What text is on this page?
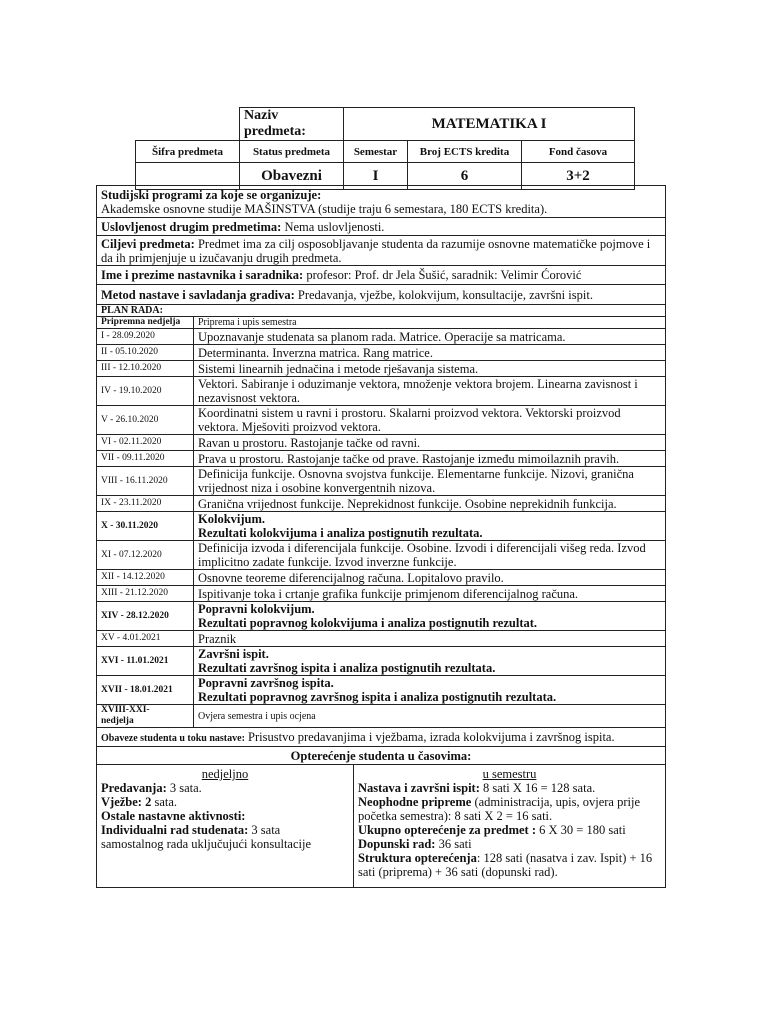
	Naziv predmeta:	MATEMATIKA I		
Šifra predmeta	Status predmeta	Semestar	Broj ECTS kredita	Fond časova
	Obavezni	I	6	3+2
Studijski programi za koje se organizuje:
Akademske osnovne studije MAŠINSTVA (studije traju 6 semestara, 180 ECTS kredita).
Uslovljenost drugim predmetima: Nema uslovljenosti.
Ciljevi predmeta: Predmet ima za cilj osposobljavanje studenta da razumije osnovne matematičke pojmove i da ih primjenjuje u izučavanju drugih predmeta.
Ime i prezime nastavnika i saradnika: profesor: Prof. dr Jela Šušić, saradnik: Velimir Ćorović
Metod nastave i savladanja gradiva: Predavanja, vježbe, kolokvijum, konsultacije, završni ispit.
PLAN RADA:
Pripremna nedjelja	Priprema i upis semestra
I - 28.09.2020	Upoznavanje studenata sa planom rada. Matrice. Operacije sa matricama.
II - 05.10.2020	Determinanta. Inverzna matrica. Rang matrice.
III - 12.10.2020	Sistemi linearnih jednačina i metode rješavanja sistema.
IV - 19.10.2020	Vektori. Sabiranje i oduzimanje vektora, množenje vektora brojem. Linearna zavisnost i
nezavisnost vektora.
V - 26.10.2020	Koordinatni sistem u ravni i prostoru. Skalarni proizvod vektora. Vektorski proizvod
vektora. Mješoviti proizvod vektora.
VI - 02.11.2020	Ravan u prostoru. Rastojanje tačke od ravni.
VII - 09.11.2020	Prava u prostoru. Rastojanje tačke od prave. Rastojanje između mimoilaznih pravih.
VIII - 16.11.2020	Definicija funkcije. Osnovna svojstva funkcije. Elementarne funkcije. Nizovi, granična
vrijednost niza i osobine konvergentnih nizova.
IX - 23.11.2020	Granična vrijednost funkcije. Neprekidnost funkcije. Osobine neprekidnih funkcija.
X - 30.11.2020	Kolokvijum.
Rezultati kolokvijuma i analiza postignutih rezultata.
XI - 07.12.2020	Definicija izvoda i diferencijala funkcije. Osobine. Izvodi i diferencijali višeg reda. Izvod
implicitno zadate funkcije. Izvod inverzne funkcije.
XII - 14.12.2020	Osnovne teoreme diferencijalnog računa. Lopitalovo pravilo.
XIII - 21.12.2020	Ispitivanje toka i crtanje grafika funkcije primjenom diferencijalnog računa.
XIV - 28.12.2020	Popravni kolokvijum.
Rezultati popravnog kolokvijuma i analiza postignutih rezultat.
XV - 4.01.2021	Praznik
XVI - 11.01.2021	Završni ispit.
Rezultati završnog ispita i analiza postignutih rezultata.
XVII - 18.01.2021	Popravni završnog ispita.
Rezultati popravnog završnog ispita i analiza postignutih rezultata.
XVIII-XXI-
nedjelja	Ovjera semestra i upis ocjena
Obaveze studenta u toku nastave: Prisustvo predavanjima i vježbama, izrada kolokvijuma i završnog ispita.
Opterećenje studenta u časovima:

nedjeljno
Predavanja: 3 sata.
Vježbe: 2 sata.
Ostale nastavne aktivnosti:
Individualni rad studenata: 3 sata
samostalnog rada uključujući konsultacije

u semestru
Nastava i završni ispit: 8 sati X 16 = 128 sata.
Neophodne pripreme (administracija, upis, ovjera prije
početka semestra): 8 sati X 2 = 16 sati.
Ukupno opterećenje za predmet : 6 X 30 = 180 sati
Dopunski rad: 36 sati
Struktura opterećenja: 128 sati (nasatva i zav. Ispit) + 16
sati (priprema) + 36 sati (dopunski rad).
